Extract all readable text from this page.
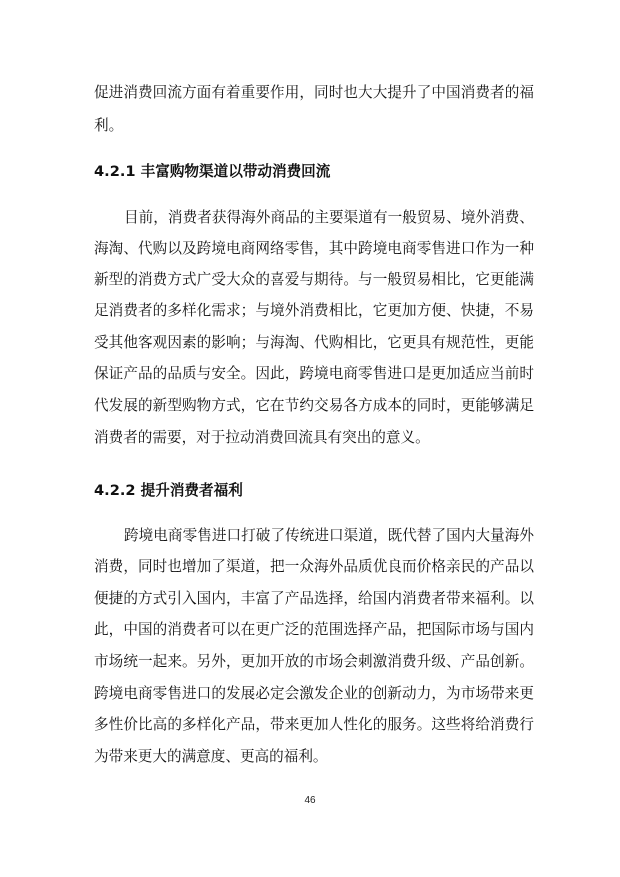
促进消费回流方面有着重要作用，同时也大大提升了中国消费者的福
利。
4.2.1 丰富购物渠道以带动消费回流
目前，消费者获得海外商品的主要渠道有一般贸易、境外消费、
海淘、代购以及跨境电商网络零售，其中跨境电商零售进口作为一种
新型的消费方式广受大众的喜爱与期待。与一般贸易相比，它更能满
足消费者的多样化需求；与境外消费相比，它更加方便、快捷，不易
受其他客观因素的影响；与海淘、代购相比，它更具有规范性，更能
保证产品的品质与安全。因此，跨境电商零售进口是更加适应当前时
代发展的新型购物方式，它在节约交易各方成本的同时，更能够满足
消费者的需要，对于拉动消费回流具有突出的意义。
4.2.2 提升消费者福利
跨境电商零售进口打破了传统进口渠道，既代替了国内大量海外
消费，同时也增加了渠道，把一众海外品质优良而价格亲民的产品以
便捷的方式引入国内，丰富了产品选择，给国内消费者带来福利。以
此，中国的消费者可以在更广泛的范围选择产品，把国际市场与国内
市场统一起来。另外，更加开放的市场会刺激消费升级、产品创新。
跨境电商零售进口的发展必定会激发企业的创新动力，为市场带来更
多性价比高的多样化产品，带来更加人性化的服务。这些将给消费行
为带来更大的满意度、更高的福利。
46
